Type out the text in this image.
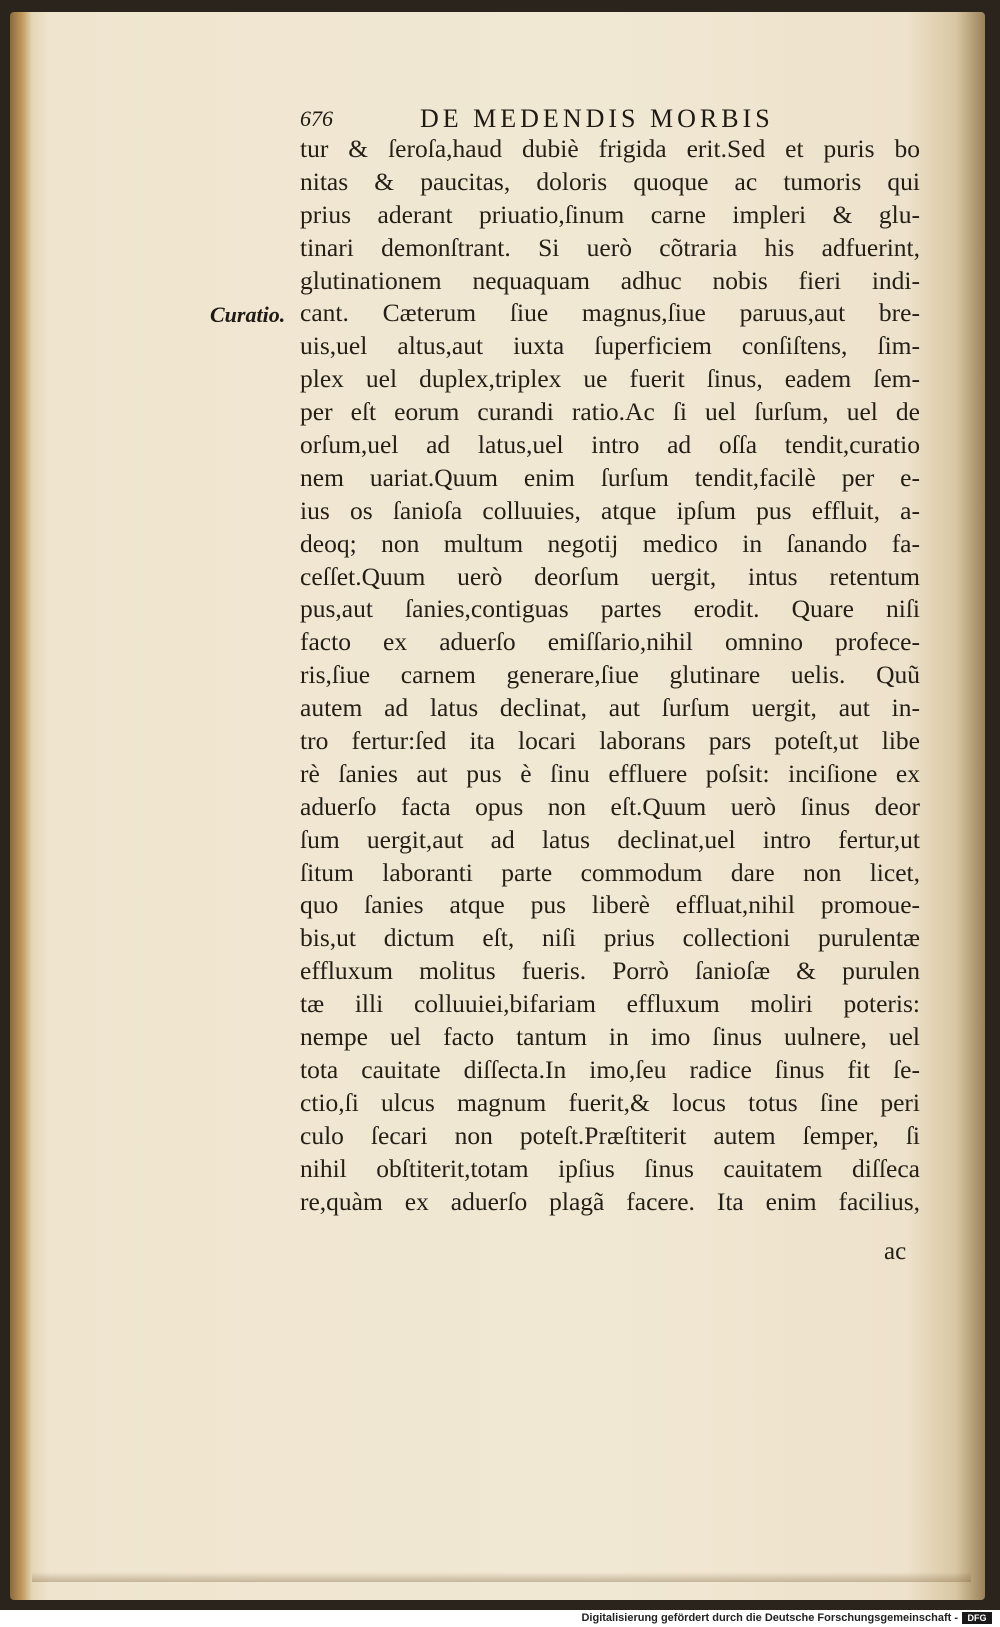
676	DE MEDENDIS MORBIS
Curatio.
tur & ſeroſa,haud dubiè frigida erit.Sed et puris bo
nitas & paucitas, doloris quoque ac tumoris qui
prius aderant priuatio,ſinum carne impleri & glu-
tinari demonſtrant. Si uerò cõtraria his adfuerint,
glutinationem nequaquam adhuc nobis fieri indi-
cant. Cæterum ſiue magnus,ſiue paruus,aut bre-
uis,uel altus,aut iuxta ſuperficiem conſiſtens, ſim-
plex uel duplex,triplex ue fuerit ſinus, eadem ſem-
per eſt eorum curandi ratio.Ac ſi uel ſurſum, uel de
orſum,uel ad latus,uel intro ad oſſa tendit,curatio
nem uariat.Quum enim ſurſum tendit,facilè per e-
ius os ſanioſa colluuies, atque ipſum pus effluit, a-
deoq; non multum negotij medico in ſanando fa-
ceſſet.Quum uerò deorſum uergit, intus retentum
pus,aut ſanies,contiguas partes erodit. Quare niſi
facto ex aduerſo emiſſario,nihil omnino profece-
ris,ſiue carnem generare,ſiue glutinare uelis. Quũ
autem ad latus declinat, aut ſurſum uergit, aut in-
tro fertur:ſed ita locari laborans pars poteſt,ut libe
rè ſanies aut pus è ſinu effluere poſsit: inciſione ex
aduerſo facta opus non eſt.Quum uerò ſinus deor
ſum uergit,aut ad latus declinat,uel intro fertur,ut
ſitum laboranti parte commodum dare non licet,
quo ſanies atque pus liberè effluat,nihil promoue-
bis,ut dictum eſt, niſi prius collectioni purulentæ
effluxum molitus fueris. Porrò ſanioſæ & purulen
tæ illi colluuiei,bifariam effluxum moliri poteris:
nempe uel facto tantum in imo ſinus uulnere, uel
tota cauitate diſſecta.In imo,ſeu radice ſinus fit ſe-
ctio,ſi ulcus magnum fuerit,& locus totus ſine peri
culo ſecari non poteſt.Præſtiterit autem ſemper, ſi
nihil obſtiterit,totam ipſius ſinus cauitatem diſſeca
re,quàm ex aduerſo plagã facere. Ita enim facilius,
ac
Digitalisierung gefördert durch die Deutsche Forschungsgemeinschaft -	DFG
